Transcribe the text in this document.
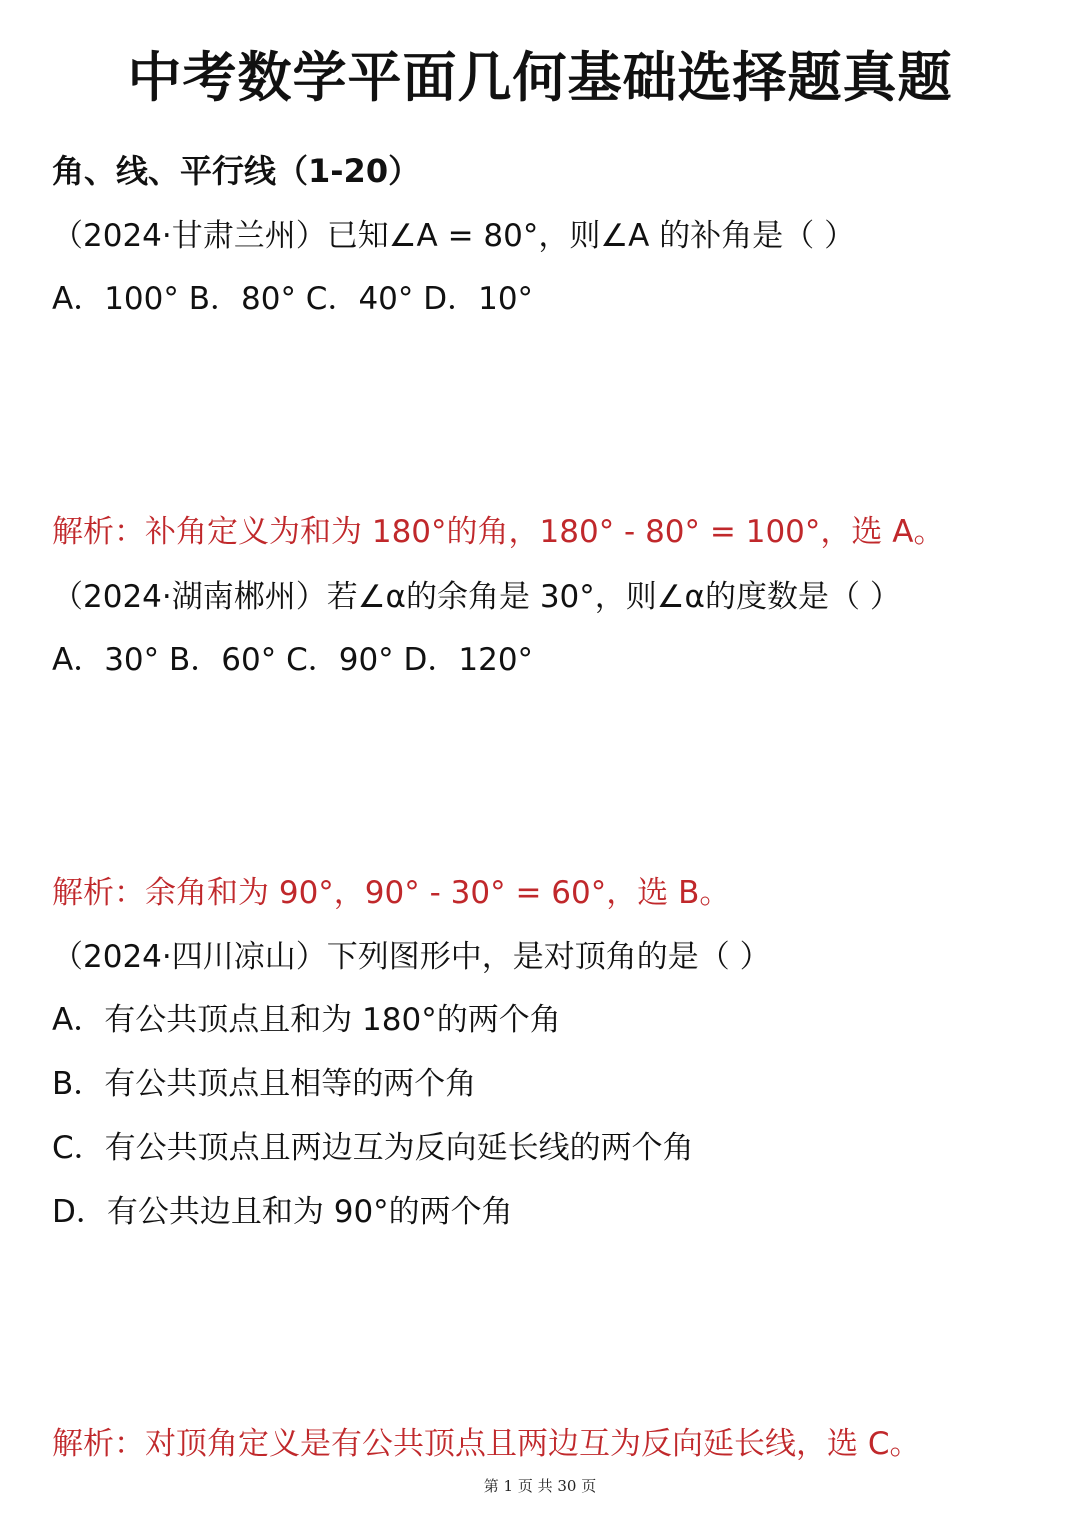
中考数学平面几何基础选择题真题
角、线、平行线（1-20）
（2024·甘肃兰州）已知∠A = 80°，则∠A 的补角是（ ）
A．100° B．80° C．40° D．10°
解析：补角定义为和为 180°的角，180° - 80° = 100°，选 A。
（2024·湖南郴州）若∠α的余角是 30°，则∠α的度数是（ ）
A．30° B．60° C．90° D．120°
解析：余角和为 90°，90° - 30° = 60°，选 B。
（2024·四川凉山）下列图形中，是对顶角的是（ ）
A．有公共顶点且和为 180°的两个角
B．有公共顶点且相等的两个角
C．有公共顶点且两边互为反向延长线的两个角
D．有公共边且和为 90°的两个角
解析：对顶角定义是有公共顶点且两边互为反向延长线，选 C。
第 1 页 共 30 页
